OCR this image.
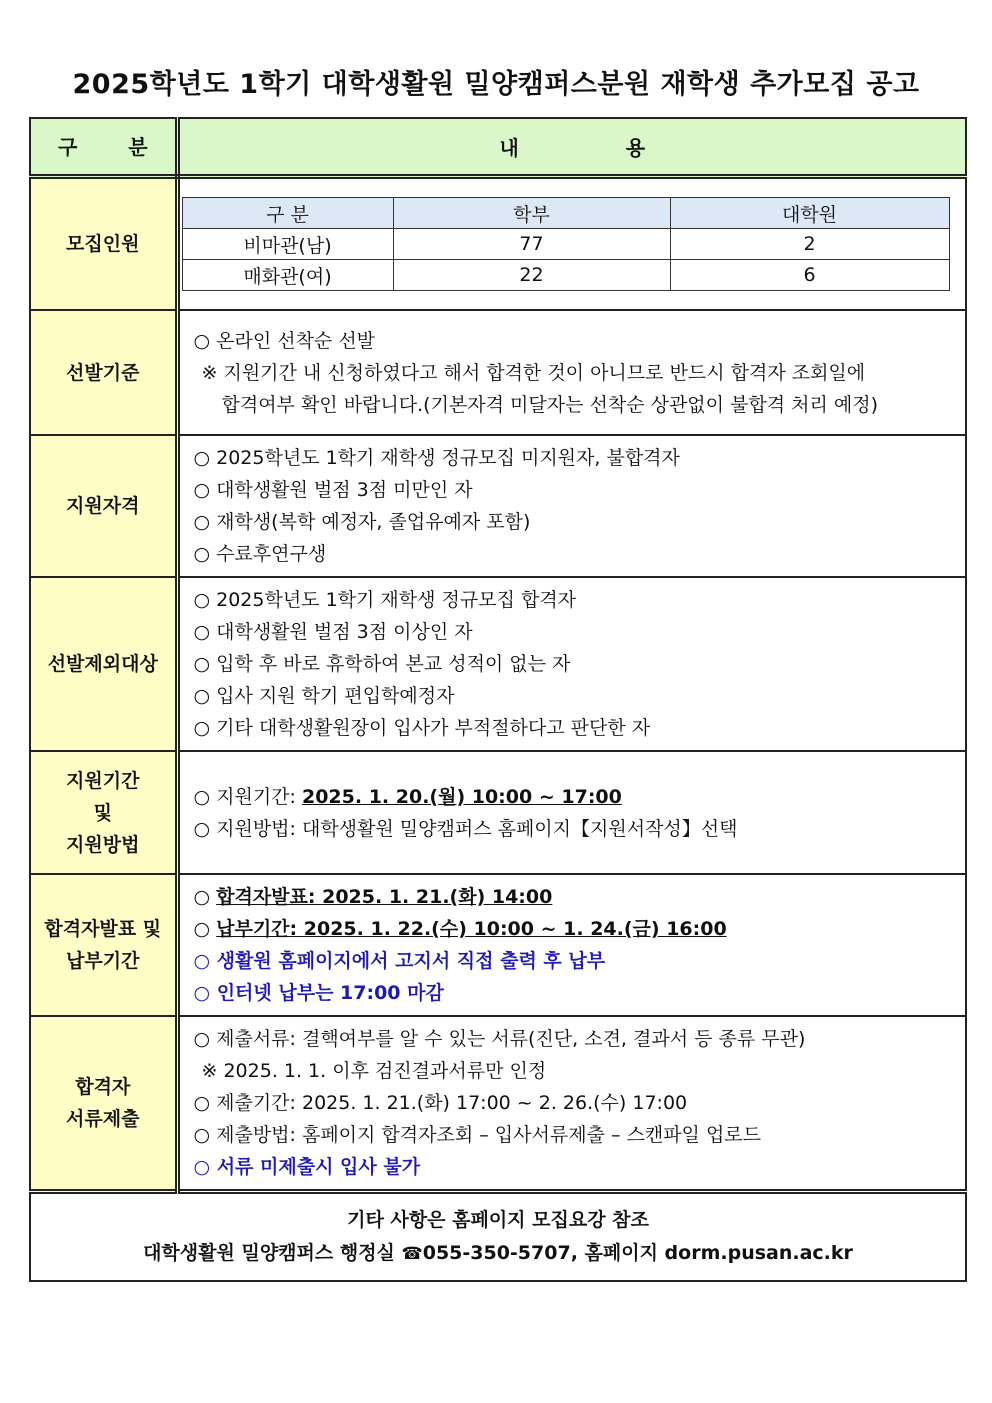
2025학년도 1학기 대학생활원 밀양캠퍼스분원 재학생 추가모집 공고
구 분	내 용
모집인원	
구 분	학부	대학원
비마관(남)	77	2
매화관(여)	22	6

선발기준	
○ 온라인 선착순 선발
※ 지원기간 내 신청하였다고 해서 합격한 것이 아니므로 반드시 합격자 조회일에
합격여부 확인 바랍니다.(기본자격 미달자는 선착순 상관없이 불합격 처리 예정)

지원자격	
○ 2025학년도 1학기 재학생 정규모집 미지원자, 불합격자
○ 대학생활원 벌점 3점 미만인 자
○ 재학생(복학 예정자, 졸업유예자 포함)
○ 수료후연구생

선발제외대상	
○ 2025학년도 1학기 재학생 정규모집 합격자
○ 대학생활원 벌점 3점 이상인 자
○ 입학 후 바로 휴학하여 본교 성적이 없는 자
○ 입사 지원 학기 편입학예정자
○ 기타 대학생활원장이 입사가 부적절하다고 판단한 자

지원기간
및
지원방법

○ 지원기간: 2025. 1. 20.(월) 10:00 ~ 17:00
○ 지원방법: 대학생활원 밀양캠퍼스 홈페이지【지원서작성】선택

합격자발표 및
납부기간

○ 합격자발표: 2025. 1. 21.(화) 14:00
○ 납부기간: 2025. 1. 22.(수) 10:00 ~ 1. 24.(금) 16:00
○ 생활원 홈페이지에서 고지서 직접 출력 후 납부
○ 인터넷 납부는 17:00 마감

합격자
서류제출

○ 제출서류: 결핵여부를 알 수 있는 서류(진단, 소견, 결과서 등 종류 무관)
※ 2025. 1. 1. 이후 검진결과서류만 인정
○ 제출기간: 2025. 1. 21.(화) 17:00 ~ 2. 26.(수) 17:00
○ 제출방법: 홈페이지 합격자조회 – 입사서류제출 – 스캔파일 업로드
○ 서류 미제출시 입사 불가

기타 사항은 홈페이지 모집요강 참조
대학생활원 밀양캠퍼스 행정실 ☎055-350-5707, 홈페이지 dorm.pusan.ac.kr
